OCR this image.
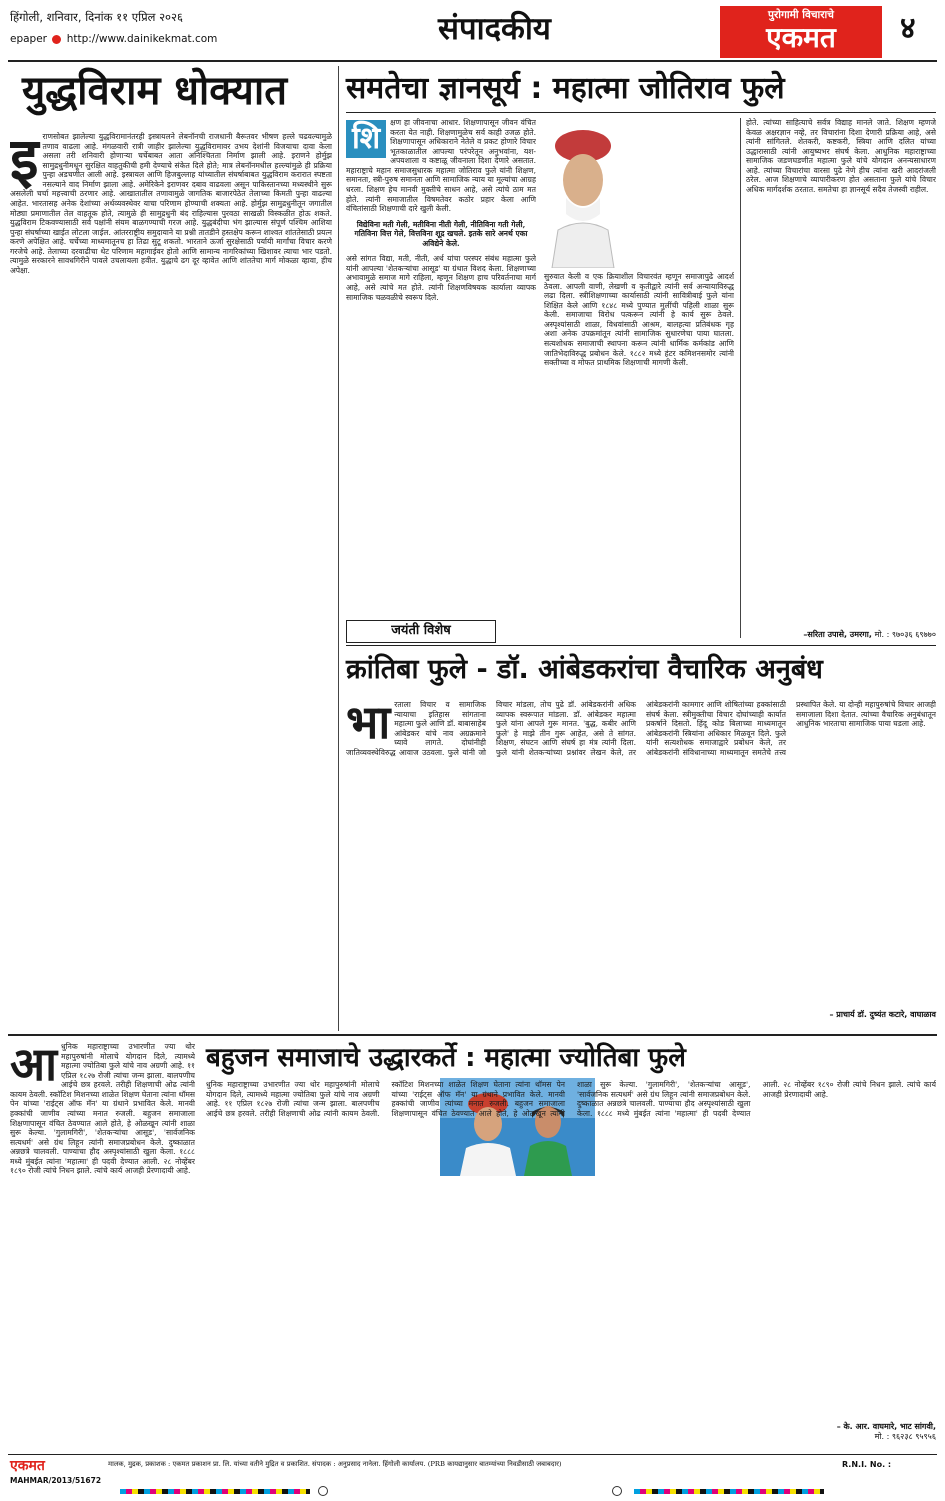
हिंगोली, शनिवार, दिनांक ११ एप्रिल २०२६
epaper http://www.dainikekmat.com	संपादकीय	पुरोगामी विचाराचे
एकमत	४
युद्धविराम धोक्यात
इ राणसोबत झालेल्या युद्धविरामानंतरही इस्त्रायलने लेबनॉनची राजधानी बैरूतवर भीषण हल्ले चढवल्यामुळे तणाव वाढला आहे. मंगळवारी रात्री जाहीर झालेल्या युद्धविरामावर उभय देशांनी विजयाचा दावा केला असला तरी शनिवारी होणाऱ्या चर्चेबाबत आता अनिश्चितता निर्माण झाली आहे. इराणने होर्मुझ सामुद्रधुनीमधून सुरक्षित वाहतुकीची हमी देण्याचे संकेत दिले होते; मात्र लेबनॉनमधील हल्ल्यांमुळे ही प्रक्रिया पुन्हा अडचणीत आली आहे. इस्त्रायल आणि हिजबुल्लाह यांच्यातील संघर्षाबाबत युद्धविराम करारात स्पष्टता नसल्याने वाद निर्माण झाला आहे. अमेरिकेने इराणवर दबाव वाढवला असून पाकिस्तानच्या मध्यस्थीने सुरू असलेली चर्चा महत्त्वाची ठरणार आहे. आखातातील तणावामुळे जागतिक बाजारपेठेत तेलाच्या किमती पुन्हा वाढल्या आहेत. भारतासह अनेक देशांच्या अर्थव्यवस्थेवर याचा परिणाम होण्याची शक्यता आहे. होर्मुझ सामुद्रधुनीतून जगातील मोठ्या प्रमाणातील तेल वाहतूक होते, त्यामुळे ही सामुद्रधुनी बंद राहिल्यास पुरवठा साखळी विस्कळीत होऊ शकते. युद्धविराम टिकवण्यासाठी सर्व पक्षांनी संयम बाळगण्याची गरज आहे. युद्धबंदीचा भंग झाल्यास संपूर्ण पश्चिम आशिया पुन्हा संघर्षाच्या खाईत लोटला जाईल. आंतरराष्ट्रीय समुदायाने या प्रश्नी तातडीने हस्तक्षेप करून शाश्वत शांततेसाठी प्रयत्न करणे अपेक्षित आहे. चर्चेच्या माध्यमातूनच हा तिढा सुटू शकतो. भारताने ऊर्जा सुरक्षेसाठी पर्यायी मार्गांचा विचार करणे गरजेचे आहे. तेलाच्या दरवाढीचा थेट परिणाम महागाईवर होतो आणि सामान्य नागरिकांच्या खिशावर त्याचा भार पडतो. त्यामुळे सरकारने सावधगिरीने पावले उचलायला हवीत. युद्धाचे ढग दूर व्हावेत आणि शांततेचा मार्ग मोकळा व्हावा, हीच अपेक्षा.
समतेचा ज्ञानसूर्य : महात्मा जोतिराव फुले
शि	क्षण हा जीवनाचा आधार. शिक्षणापासून जीवन वंचित करता येत नाही. शिक्षणामुळेच सर्व काही उजळ होते. शिक्षणापासून अधिकाराने नेतेले व प्रकट होणारे विचार भूतकाळातील आपल्या परंपरेतून अनुभवांना, यश-अपयशाला व कष्टाळू जीवनाला दिशा देणारे असतात. महाराष्ट्राचे महान समाजसुधारक महात्मा जोतिराव फुले यांनी शिक्षण, समानता, स्त्री-पुरुष समानता आणि सामाजिक न्याय या मूल्यांचा आग्रह धरला. शिक्षण हेच मानवी मुक्तीचे साधन आहे, असे त्यांचे ठाम मत होते. त्यांनी समाजातील विषमतेवर कठोर प्रहार केला आणि वंचितांसाठी शिक्षणाची दारे खुली केली.
विद्येविना मती गेली, मतीविना नीती गेली, नीतिविना गती गेली, गतिविना वित्त गेले, वित्तविना शूद्र खचले. इतके सारे अनर्थ एका अविद्येने केले.
असे सांगत विद्या, मती, नीती, अर्थ यांचा परस्पर संबंध महात्मा फुले यांनी आपल्या 'शेतकऱ्यांचा आसूड' या ग्रंथात विशद केला. शिक्षणाच्या अभावामुळे समाज मागे राहिला, म्हणून शिक्षण हाच परिवर्तनाचा मार्ग आहे, असे त्यांचे मत होते. त्यांनी शिक्षणविषयक कार्याला व्यापक सामाजिक चळवळीचे स्वरूप दिले.
सुरुवात केली व एक क्रियाशील विचारवंत म्हणून समाजापुढे आदर्श ठेवला. आपली वाणी, लेखणी व कृतीद्वारे त्यांनी सर्व अन्यायाविरुद्ध लढा दिला. स्त्रीशिक्षणाच्या कार्यासाठी त्यांनी सावित्रीबाई फुले यांना शिक्षित केले आणि १८४८ मध्ये पुण्यात मुलींची पहिली शाळा सुरू केली. समाजाचा विरोध पत्करून त्यांनी हे कार्य सुरू ठेवले. अस्पृश्यांसाठी शाळा, विधवांसाठी आश्रम, बालहत्या प्रतिबंधक गृह अशा अनेक उपक्रमांतून त्यांनी सामाजिक सुधारणेचा पाया घातला. सत्यशोधक समाजाची स्थापना करून त्यांनी धार्मिक कर्मकांड आणि जातिभेदाविरुद्ध प्रबोधन केले. १८८२ मध्ये हंटर कमिशनसमोर त्यांनी सक्तीच्या व मोफत प्राथमिक शिक्षणाची मागणी केली.
होते. त्यांच्या साहित्याचे सर्वत्र विद्याह मानले जाते. शिक्षण म्हणजे केवळ अक्षरज्ञान नव्हे, तर विचारांना दिशा देणारी प्रक्रिया आहे, असे त्यांनी सांगितले. शेतकरी, कष्टकरी, स्त्रिया आणि दलित यांच्या उद्धारासाठी त्यांनी आयुष्यभर संघर्ष केला. आधुनिक महाराष्ट्राच्या सामाजिक जडणघडणीत महात्मा फुले यांचे योगदान अनन्यसाधारण आहे. त्यांच्या विचारांचा वारसा पुढे नेणे हीच त्यांना खरी आदरांजली ठरेल. आज शिक्षणाचे व्यापारीकरण होत असताना फुले यांचे विचार अधिक मार्गदर्शक ठरतात. समतेचा हा ज्ञानसूर्य सदैव तेजस्वी राहील.
–सरिता उपासे, उमरगा, मो. : ९७०३६ ६९७७०
जयंती विशेष
क्रांतिबा फुले - डॉ. आंबेडकरांचा वैचारिक अनुबंध
भा रताला विचार व सामाजिक न्यायाचा इतिहास सांगताना महात्मा फुले आणि डॉ. बाबासाहेब आंबेडकर यांचे नाव अग्रक्रमाने घ्यावे लागते. दोघांनीही जातिव्यवस्थेविरुद्ध आवाज उठवला. फुले यांनी जो विचार मांडला, तोच पुढे डॉ. आंबेडकरांनी अधिक व्यापक स्वरूपात मांडला. डॉ. आंबेडकर महात्मा फुले यांना आपले गुरू मानत. 'बुद्ध, कबीर आणि फुले' हे माझे तीन गुरू आहेत, असे ते सांगत. शिक्षण, संघटन आणि संघर्ष हा मंत्र त्यांनी दिला. फुले यांनी शेतकऱ्यांच्या प्रश्नांवर लेखन केले, तर आंबेडकरांनी कामगार आणि शोषितांच्या हक्कांसाठी संघर्ष केला. स्त्रीमुक्तीचा विचार दोघांच्याही कार्यात प्रकर्षाने दिसतो. हिंदू कोड बिलाच्या माध्यमातून आंबेडकरांनी स्त्रियांना अधिकार मिळवून दिले. फुले यांनी सत्यशोधक समाजाद्वारे प्रबोधन केले, तर आंबेडकरांनी संविधानाच्या माध्यमातून समतेचे तत्त्व प्रस्थापित केले. या दोन्ही महापुरुषांचे विचार आजही समाजाला दिशा देतात. त्यांच्या वैचारिक अनुबंधातून आधुनिक भारताचा सामाजिक पाया घडला आहे.
– प्राचार्य डॉ. दुष्यंत कटारे, वाघाळाव
आ धुनिक महाराष्ट्राच्या उभारणीत ज्या थोर महापुरुषांनी मोलाचे योगदान दिले, त्यामध्ये महात्मा ज्योतिबा फुले यांचे नाव अग्रणी आहे. ११ एप्रिल १८२७ रोजी त्यांचा जन्म झाला. बालपणीच आईचे छत्र हरवले. तरीही शिक्षणाची ओढ त्यांनी कायम ठेवली. स्कॉटिश मिशनच्या शाळेत शिक्षण घेताना त्यांना थॉमस पेन यांच्या 'राईट्स ऑफ मॅन' या ग्रंथाने प्रभावित केले. मानवी हक्कांची जाणीव त्यांच्या मनात रुजली. बहुजन समाजाला शिक्षणापासून वंचित ठेवण्यात आले होते, हे ओळखून त्यांनी शाळा सुरू केल्या. 'गुलामगिरी', 'शेतकऱ्यांचा आसूड', 'सार्वजनिक सत्यधर्म' असे ग्रंथ लिहून त्यांनी समाजप्रबोधन केले. दुष्काळात अन्नछत्रे चालवली. पाण्याचा हौद अस्पृश्यांसाठी खुला केला. १८८८ मध्ये मुंबईत त्यांना 'महात्मा' ही पदवी देण्यात आली. २८ नोव्हेंबर १८९० रोजी त्यांचे निधन झाले. त्यांचे कार्य आजही प्रेरणादायी आहे.
बहुजन समाजाचे उद्धारकर्ते : महात्मा ज्योतिबा फुले
धुनिक महाराष्ट्राच्या उभारणीत ज्या थोर महापुरुषांनी मोलाचे योगदान दिले, त्यामध्ये महात्मा ज्योतिबा फुले यांचे नाव अग्रणी आहे. ११ एप्रिल १८२७ रोजी त्यांचा जन्म झाला. बालपणीच आईचे छत्र हरवले. तरीही शिक्षणाची ओढ त्यांनी कायम ठेवली. स्कॉटिश मिशनच्या शाळेत शिक्षण घेताना त्यांना थॉमस पेन यांच्या 'राईट्स ऑफ मॅन' या ग्रंथाने प्रभावित केले. मानवी हक्कांची जाणीव त्यांच्या मनात रुजली. बहुजन समाजाला शिक्षणापासून वंचित ठेवण्यात आले होते, हे ओळखून त्यांनी शाळा सुरू केल्या. 'गुलामगिरी', 'शेतकऱ्यांचा आसूड', 'सार्वजनिक सत्यधर्म' असे ग्रंथ लिहून त्यांनी समाजप्रबोधन केले. दुष्काळात अन्नछत्रे चालवली. पाण्याचा हौद अस्पृश्यांसाठी खुला केला. १८८८ मध्ये मुंबईत त्यांना 'महात्मा' ही पदवी देण्यात आली. २८ नोव्हेंबर १८९० रोजी त्यांचे निधन झाले. त्यांचे कार्य आजही प्रेरणादायी आहे.
– के. आर. वाघमारे, भाट सांगवी,
मो. : ९६२३८ ९५९५६
एकमत
MAHMAR/2013/51672
मालक, मुद्रक, प्रकाशक : एकमत प्रकाशन प्रा. लि. यांच्या वतीने मुद्रित व प्रकाशित. संपादक : अनुप्रसाद नानेला. हिंगोली कार्यालय. (PRB कायद्यानुसार बातम्यांच्या निवडीसाठी जबाबदार)	R.N.I. No. :
